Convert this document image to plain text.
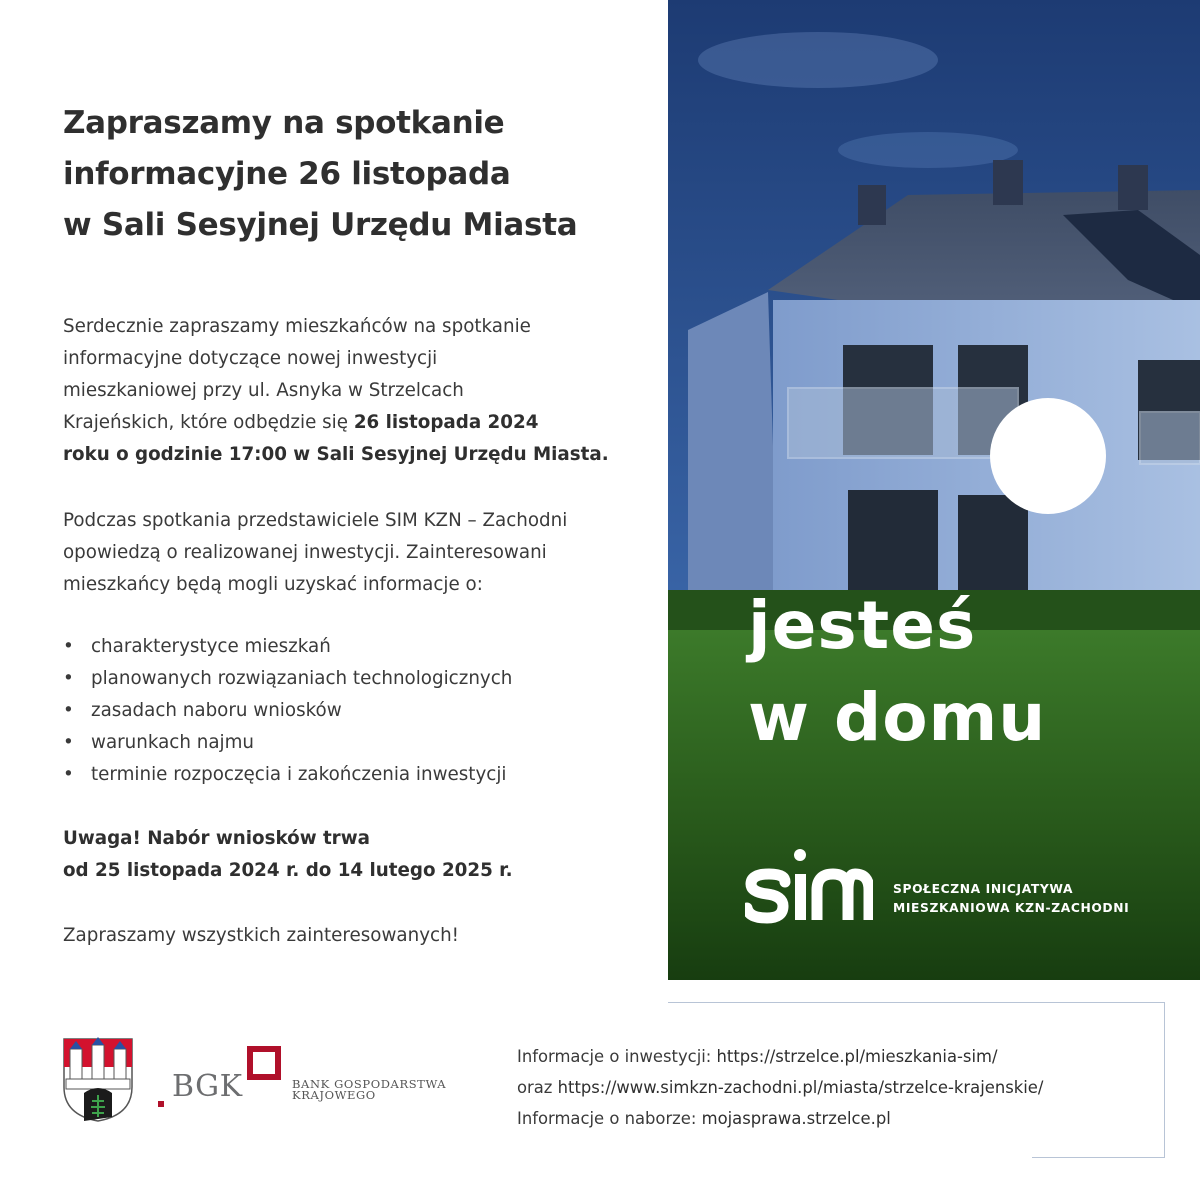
Zapraszamy na spotkanie
informacyjne 26 listopada
w Sali Sesyjnej Urzędu Miasta
Serdecznie zapraszamy mieszkańców na spotkanie
informacyjne dotyczące nowej inwestycji
mieszkaniowej przy ul. Asnyka w Strzelcach
Krajeńskich, które odbędzie się 26 listopada 2024
roku o godzinie 17:00 w Sali Sesyjnej Urzędu Miasta.
Podczas spotkania przedstawiciele SIM KZN – Zachodni
opowiedzą o realizowanej inwestycji. Zainteresowani
mieszkańcy będą mogli uzyskać informacje o:
• charakterystyce mieszkań
• planowanych rozwiązaniach technologicznych
• zasadach naboru wniosków
• warunkach najmu
• terminie rozpoczęcia i zakończenia inwestycji
Uwaga! Nabór wniosków trwa
od 25 listopada 2024 r. do 14 lutego 2025 r.
Zapraszamy wszystkich zainteresowanych!
jesteś
w domu
SPOŁECZNA INICJATYWA
MIESZKANIOWA KZN-ZACHODNI
BGK	BANK GOSPODARSTWA
KRAJOWEGO
Informacje o inwestycji: https://strzelce.pl/mieszkania-sim/
oraz https://www.simkzn-zachodni.pl/miasta/strzelce-krajenskie/
Informacje o naborze: mojasprawa.strzelce.pl
